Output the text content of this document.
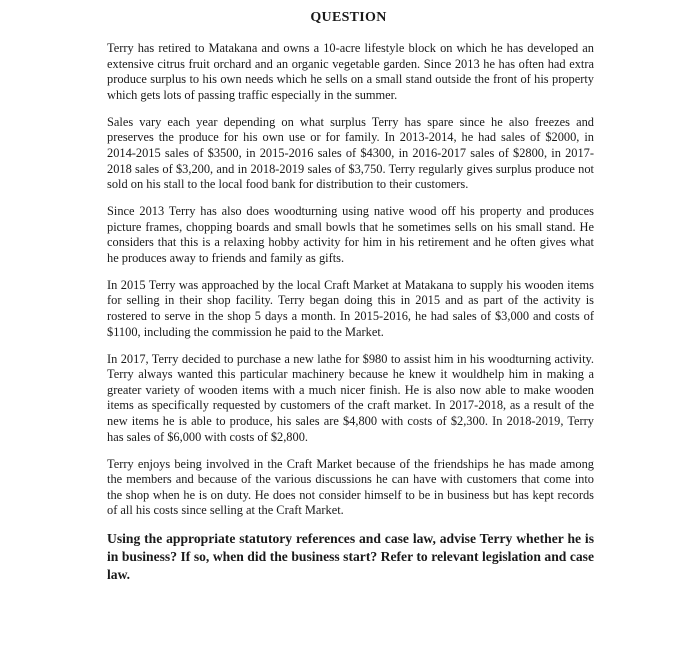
QUESTION

Terry has retired to Matakana and owns a 10-acre lifestyle block on which he has developed an extensive citrus fruit orchard and an organic vegetable garden. Since 2013 he has often had extra produce surplus to his own needs which he sells on a small stand outside the front of his property which gets lots of passing traffic especially in the summer.

Sales vary each year depending on what surplus Terry has spare since he also freezes and preserves the produce for his own use or for family. In 2013-2014, he had sales of $2000, in 2014-2015 sales of $3500, in 2015-2016 sales of $4300, in 2016-2017 sales of $2800, in 2017-2018 sales of $3,200, and in 2018-2019 sales of $3,750. Terry regularly gives surplus produce not sold on his stall to the local food bank for distribution to their customers.

Since 2013 Terry has also does woodturning using native wood off his property and produces picture frames, chopping boards and small bowls that he sometimes sells on his small stand. He considers that this is a relaxing hobby activity for him in his retirement and he often gives what he produces away to friends and family as gifts.

In 2015 Terry was approached by the local Craft Market at Matakana to supply his wooden items for selling in their shop facility. Terry began doing this in 2015 and as part of the activity is rostered to serve in the shop 5 days a month. In 2015-2016, he had sales of $3,000 and costs of $1100, including the commission he paid to the Market.

In 2017, Terry decided to purchase a new lathe for $980 to assist him in his woodturning activity. Terry always wanted this particular machinery because he knew it wouldhelp him in making a greater variety of wooden items with a much nicer finish. He is also now able to make wooden items as specifically requested by customers of the craft market. In 2017-2018, as a result of the new items he is able to produce, his sales are $4,800 with costs of $2,300. In 2018-2019, Terry has sales of $6,000 with costs of $2,800.

Terry enjoys being involved in the Craft Market because of the friendships he has made among the members and because of the various discussions he can have with customers that come into the shop when he is on duty. He does not consider himself to be in business but has kept records of all his costs since selling at the Craft Market.

Using the appropriate statutory references and case law, advise Terry whether he is in business? If so, when did the business start? Refer to relevant legislation and case law.
